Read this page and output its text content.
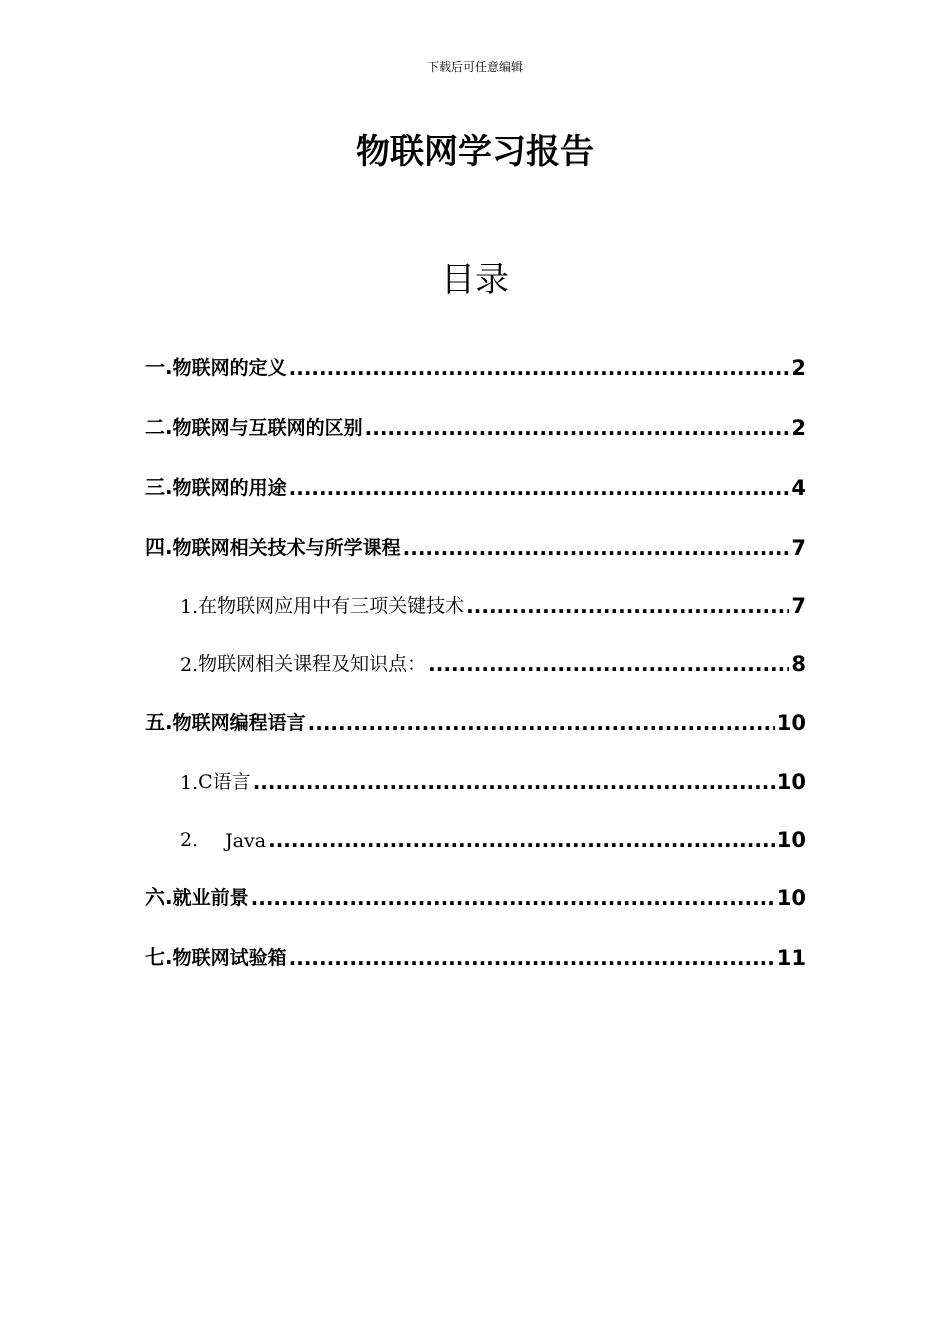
下载后可任意编辑
物联网学习报告
目录
一. 物联网的定义 .....	2
二. 物联网与互联网的区别 .....	2
三. 物联网的用途 .....	4
四. 物联网相关技术与所学课程 .....	7
1. 在物联网应用中有三项关键技术 .....	7
2. 物联网相关课程及知识点： .....	8
五. 物联网编程语言 .....	10
1. C语言 .....	10
2． Java .....	10
六. 就业前景 .....	10
七. 物联网试验箱 .....	11
